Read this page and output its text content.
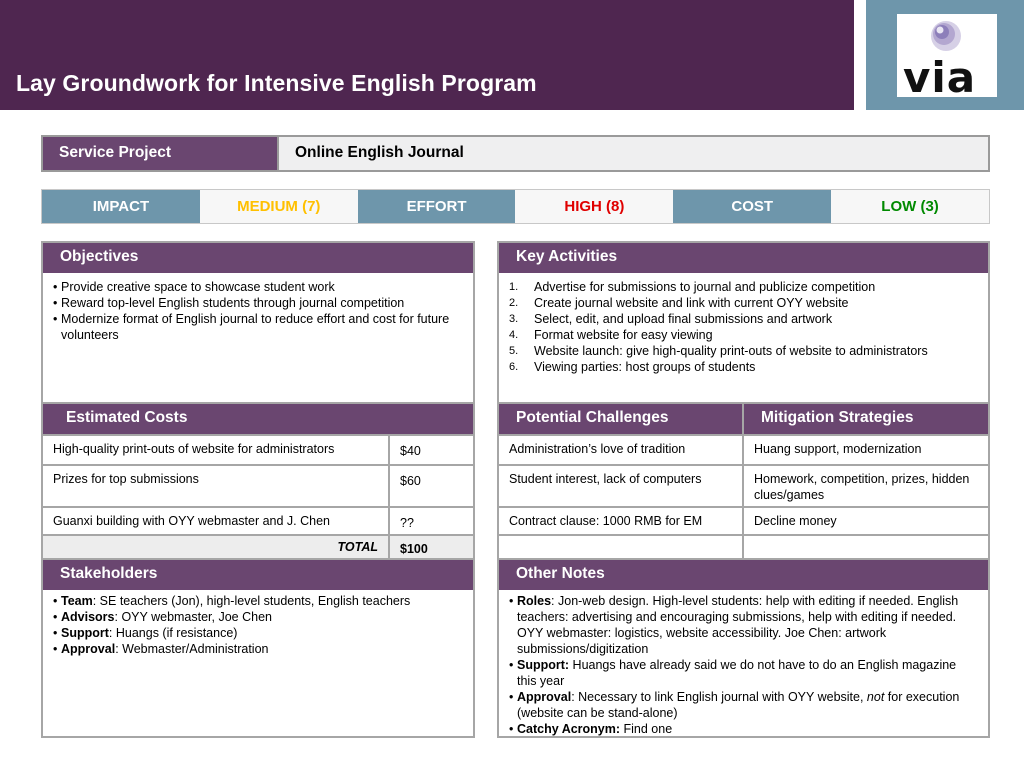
Lay Groundwork for Intensive English Program	via
Service Project	Online English Journal
IMPACT	MEDIUM (7)	EFFORT	HIGH (8)	COST	LOW (3)
Objectives
• Provide creative space to showcase student work
• Reward top-level English students through journal competition
• Modernize format of English journal to reduce effort and cost for future volunteers
Key Activities
1. Advertise for submissions to journal and publicize competition
2. Create journal website and link with current OYY website
3. Select, edit, and upload final submissions and artwork
4. Format website for easy viewing
5. Website launch: give high-quality print-outs of website to administrators
6. Viewing parties: host groups of students
Estimated Costs
High-quality print-outs of website for administrators	$40
Prizes for top submissions	$60
Guanxi building with OYY webmaster and J. Chen	??
TOTAL	$100
Potential Challenges	Mitigation Strategies
Administration’s love of tradition	Huang support, modernization
Student interest, lack of computers	Homework, competition, prizes, hidden clues/games
Contract clause: 1000 RMB for EM	Decline money
Stakeholders
• Team: SE teachers (Jon), high-level students, English teachers
• Advisors: OYY webmaster, Joe Chen
• Support: Huangs (if resistance)
• Approval: Webmaster/Administration
Other Notes
• Roles: Jon-web design. High-level students: help with editing if needed. English teachers: advertising and encouraging submissions, help with editing if needed. OYY webmaster: logistics, website accessibility. Joe Chen: artwork submissions/digitization
• Support: Huangs have already said we do not have to do an English magazine this year
• Approval: Necessary to link English journal with OYY website, not for execution (website can be stand-alone)
• Catchy Acronym: Find one
